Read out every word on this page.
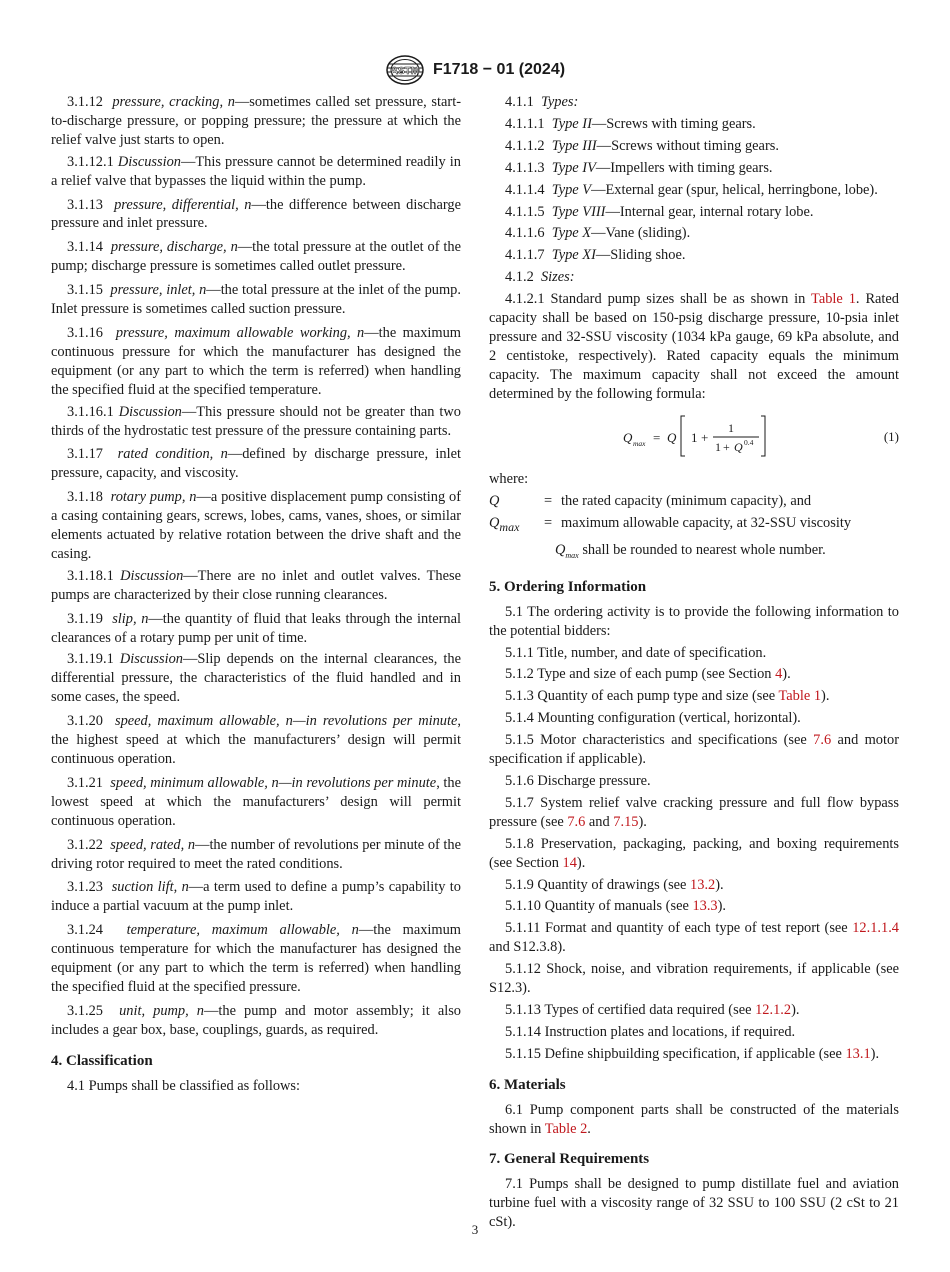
ASTM F1718 − 01 (2024)

3.1.12 pressure, cracking, n—sometimes called set pressure, start-to-discharge pressure, or popping pressure; the pressure at which the relief valve just starts to open.

3.1.12.1 Discussion—This pressure cannot be determined readily in a relief valve that bypasses the liquid within the pump.

3.1.13 pressure, differential, n—the difference between discharge pressure and inlet pressure.

3.1.14 pressure, discharge, n—the total pressure at the outlet of the pump; discharge pressure is sometimes called outlet pressure.

3.1.15 pressure, inlet, n—the total pressure at the inlet of the pump. Inlet pressure is sometimes called suction pressure.

3.1.16 pressure, maximum allowable working, n—the maximum continuous pressure for which the manufacturer has designed the equipment (or any part to which the term is referred) when handling the specified fluid at the specified temperature.

3.1.16.1 Discussion—This pressure should not be greater than two thirds of the hydrostatic test pressure of the pressure containing parts.

3.1.17 rated condition, n—defined by discharge pressure, inlet pressure, capacity, and viscosity.

3.1.18 rotary pump, n—a positive displacement pump consisting of a casing containing gears, screws, lobes, cams, vanes, shoes, or similar elements actuated by relative rotation between the drive shaft and the casing.

3.1.18.1 Discussion—There are no inlet and outlet valves. These pumps are characterized by their close running clearances.

3.1.19 slip, n—the quantity of fluid that leaks through the internal clearances of a rotary pump per unit of time.

3.1.19.1 Discussion—Slip depends on the internal clearances, the differential pressure, the characteristics of the fluid handled and in some cases, the speed.

3.1.20 speed, maximum allowable, n—in revolutions per minute, the highest speed at which the manufacturers’ design will permit continuous operation.

3.1.21 speed, minimum allowable, n—in revolutions per minute, the lowest speed at which the manufacturers’ design will permit continuous operation.

3.1.22 speed, rated, n—the number of revolutions per minute of the driving rotor required to meet the rated conditions.

3.1.23 suction lift, n—a term used to define a pump’s capability to induce a partial vacuum at the pump inlet.

3.1.24 temperature, maximum allowable, n—the maximum continuous temperature for which the manufacturer has designed the equipment (or any part to which the term is referred) when handling the specified fluid at the specified pressure.

3.1.25 unit, pump, n—the pump and motor assembly; it also includes a gear box, base, couplings, guards, as required.

4. Classification

4.1 Pumps shall be classified as follows:

4.1.1 Types:

4.1.1.1 Type II—Screws with timing gears.

4.1.1.2 Type III—Screws without timing gears.

4.1.1.3 Type IV—Impellers with timing gears.

4.1.1.4 Type V—External gear (spur, helical, herringbone, lobe).

4.1.1.5 Type VIII—Internal gear, internal rotary lobe.

4.1.1.6 Type X—Vane (sliding).

4.1.1.7 Type XI—Sliding shoe.

4.1.2 Sizes:

4.1.2.1 Standard pump sizes shall be as shown in Table 1. Rated capacity shall be based on 150-psig discharge pressure, 10-psia inlet pressure and 32-SSU viscosity (1034 kPa gauge, 69 kPa absolute, and 2 centistoke, respectively). Rated capacity equals the minimum capacity. The maximum capacity shall not exceed the amount determined by the following formula:

Q max = Q 1 +
1
1 + Q 0.4	(1)

where:

Q	=	the rated capacity (minimum capacity), and
$Q_{max}$	=	maximum allowable capacity, at 32-SSU viscosity
$Q_{max}$ shall be rounded to nearest whole number.
5. Ordering Information

5.1 The ordering activity is to provide the following information to the potential bidders:

5.1.1 Title, number, and date of specification.

5.1.2 Type and size of each pump (see Section 4).

5.1.3 Quantity of each pump type and size (see Table 1).

5.1.4 Mounting configuration (vertical, horizontal).

5.1.5 Motor characteristics and specifications (see 7.6 and motor specification if applicable).

5.1.6 Discharge pressure.

5.1.7 System relief valve cracking pressure and full flow bypass pressure (see 7.6 and 7.15).

5.1.8 Preservation, packaging, packing, and boxing requirements (see Section 14).

5.1.9 Quantity of drawings (see 13.2).

5.1.10 Quantity of manuals (see 13.3).

5.1.11 Format and quantity of each type of test report (see 12.1.1.4 and S12.3.8).

5.1.12 Shock, noise, and vibration requirements, if applicable (see S12.3).

5.1.13 Types of certified data required (see 12.1.2).

5.1.14 Instruction plates and locations, if required.

5.1.15 Define shipbuilding specification, if applicable (see 13.1).

6. Materials

6.1 Pump component parts shall be constructed of the materials shown in Table 2.

7. General Requirements

7.1 Pumps shall be designed to pump distillate fuel and aviation turbine fuel with a viscosity range of 32 SSU to 100 SSU (2 cSt to 21 cSt).

3
